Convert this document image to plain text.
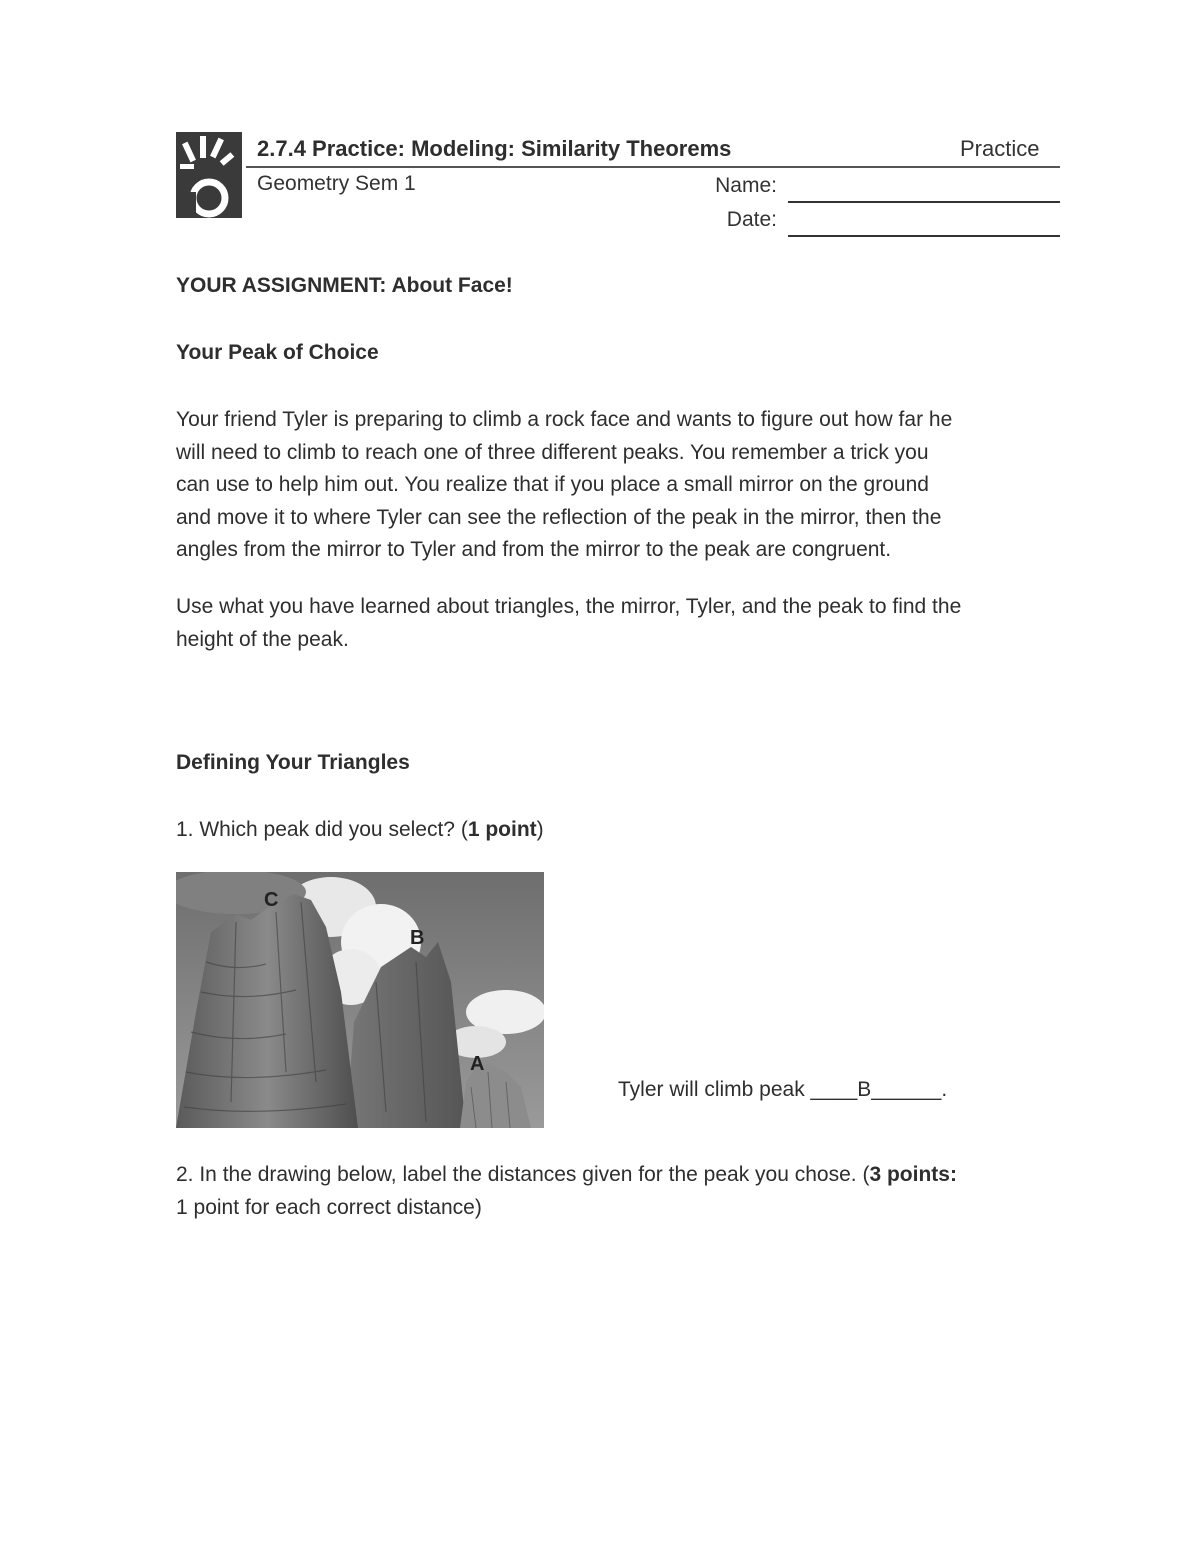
2.7.4 Practice: Modeling: Similarity Theorems	Practice
Geometry Sem 1	Name:
Date:
YOUR ASSIGNMENT: About Face!
Your Peak of Choice
Your friend Tyler is preparing to climb a rock face and wants to figure out how far he
will need to climb to reach one of three different peaks. You remember a trick you
can use to help him out. You realize that if you place a small mirror on the ground
and move it to where Tyler can see the reflection of the peak in the mirror, then the
angles from the mirror to Tyler and from the mirror to the peak are congruent.
Use what you have learned about triangles, the mirror, Tyler, and the peak to find the
height of the peak.
Defining Your Triangles
1. Which peak did you select? (1 point)
C
B
A
Tyler will climb peak ____B______.
2. In the drawing below, label the distances given for the peak you chose. (3 points:
1 point for each correct distance)
